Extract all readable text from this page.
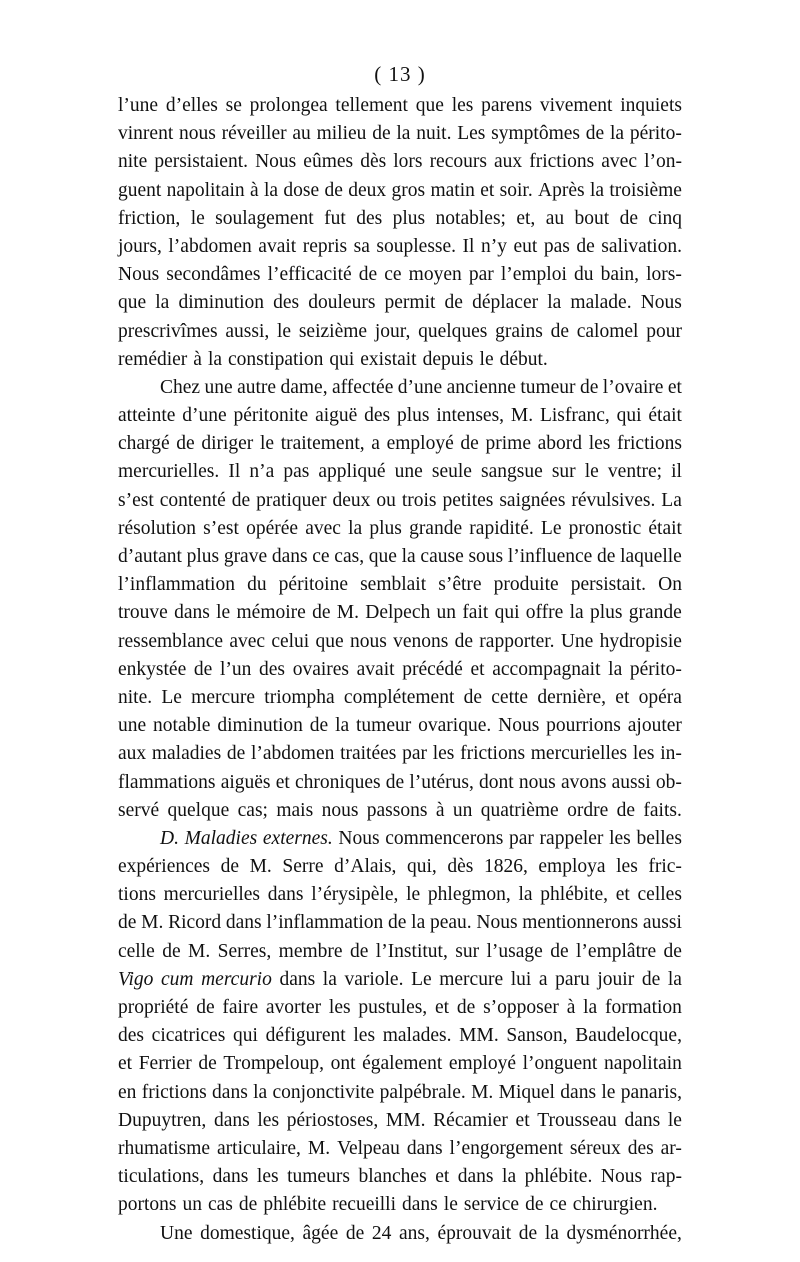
( 13 )
l’une d’elles se prolongea tellement que les parens vivement inquiets
vinrent nous réveiller au milieu de la nuit. Les symptômes de la périto-
nite persistaient. Nous eûmes dès lors recours aux frictions avec l’on-
guent napolitain à la dose de deux gros matin et soir. Après la troisième
friction, le soulagement fut des plus notables; et, au bout de cinq
jours, l’abdomen avait repris sa souplesse. Il n’y eut pas de salivation.
Nous secondâmes l’efficacité de ce moyen par l’emploi du bain, lors-
que la diminution des douleurs permit de déplacer la malade. Nous
prescrivîmes aussi, le seizième jour, quelques grains de calomel pour
remédier à la constipation qui existait depuis le début.
Chez une autre dame, affectée d’une ancienne tumeur de l’ovaire et
atteinte d’une péritonite aiguë des plus intenses, M. Lisfranc, qui était
chargé de diriger le traitement, a employé de prime abord les frictions
mercurielles. Il n’a pas appliqué une seule sangsue sur le ventre; il
s’est contenté de pratiquer deux ou trois petites saignées révulsives. La
résolution s’est opérée avec la plus grande rapidité. Le pronostic était
d’autant plus grave dans ce cas, que la cause sous l’influence de laquelle
l’inflammation du péritoine semblait s’être produite persistait. On
trouve dans le mémoire de M. Delpech un fait qui offre la plus grande
ressemblance avec celui que nous venons de rapporter. Une hydropisie
enkystée de l’un des ovaires avait précédé et accompagnait la périto-
nite. Le mercure triompha complétement de cette dernière, et opéra
une notable diminution de la tumeur ovarique. Nous pourrions ajouter
aux maladies de l’abdomen traitées par les frictions mercurielles les in-
flammations aiguës et chroniques de l’utérus, dont nous avons aussi ob-
servé quelque cas; mais nous passons à un quatrième ordre de faits.
D. Maladies externes. Nous commencerons par rappeler les belles
expériences de M. Serre d’Alais, qui, dès 1826, employa les fric-
tions mercurielles dans l’érysipèle, le phlegmon, la phlébite, et celles
de M. Ricord dans l’inflammation de la peau. Nous mentionnerons aussi
celle de M. Serres, membre de l’Institut, sur l’usage de l’emplâtre de
Vigo cum mercurio dans la variole. Le mercure lui a paru jouir de la
propriété de faire avorter les pustules, et de s’opposer à la formation
des cicatrices qui défigurent les malades. MM. Sanson, Baudelocque,
et Ferrier de Trompeloup, ont également employé l’onguent napolitain
en frictions dans la conjonctivite palpébrale. M. Miquel dans le panaris,
Dupuytren, dans les périostoses, MM. Récamier et Trousseau dans le
rhumatisme articulaire, M. Velpeau dans l’engorgement séreux des ar-
ticulations, dans les tumeurs blanches et dans la phlébite. Nous rap-
portons un cas de phlébite recueilli dans le service de ce chirurgien.
Une domestique, âgée de 24 ans, éprouvait de la dysménorrhée,
